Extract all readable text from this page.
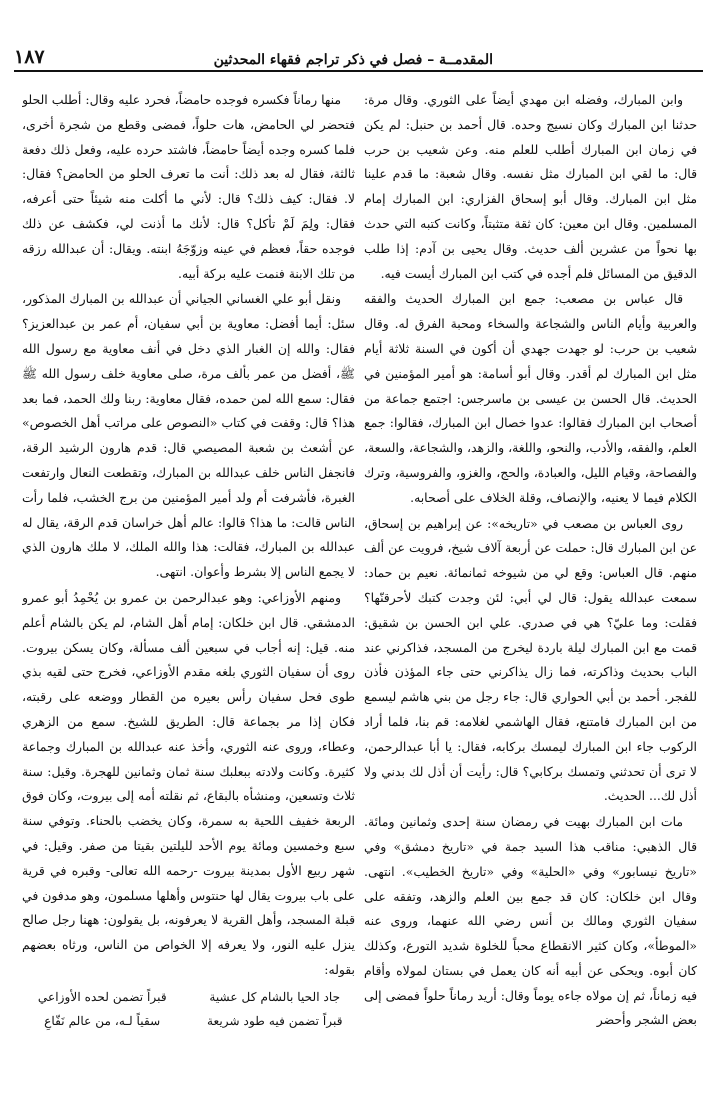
المقدمــة – فصل في ذكر تراجم فقهاء المحدثين
١٨٧

وابن المبارك، وفضله ابن مهدي أيضاً على الثوري. وقال مرة: حدثنا ابن المبارك وكان نسيج وحده. قال أحمد بن حنبل: لم يكن في زمان ابن المبارك أطلب للعلم منه. وعن شعيب بن حرب قال: ما لقي ابن المبارك مثل نفسه. وقال شعبة: ما قدم علينا مثل ابن المبارك. وقال أبو إسحاق الفزاري: ابن المبارك إمام المسلمين. وقال ابن معين: كان ثقة متثبتاً، وكانت كتبه التي حدث بها نحواً من عشرين ألف حديث. وقال يحيى بن آدم: إذا طلب الدقيق من المسائل فلم أجده في كتب ابن المبارك أيست فيه.

قال عباس بن مصعب: جمع ابن المبارك الحديث والفقه والعربية وأيام الناس والشجاعة والسخاء ومحبة الفرق له. وقال شعيب بن حرب: لو جهدت جهدي أن أكون في السنة ثلاثة أيام مثل ابن المبارك لم أقدر. وقال أبو أسامة: هو أمير المؤمنين في الحديث. قال الحسن بن عيسى بن ماسرجس: اجتمع جماعة من أصحاب ابن المبارك فقالوا: عدوا خصال ابن المبارك، فقالوا: جمع العلم، والفقه، والأدب، والنحو، واللغة، والزهد، والشجاعة، والسعة، والفصاحة، وقيام الليل، والعبادة، والحج، والغزو، والفروسية، وترك الكلام فيما لا يعنيه، والإنصاف، وقلة الخلاف على أصحابه.

روى العباس بن مصعب في «تاريخه»: عن إبراهيم بن إسحاق، عن ابن المبارك قال: حملت عن أربعة آلاف شيخ، فرويت عن ألف منهم. قال العباس: وقع لي من شيوخه ثمانمائة. نعيم بن حماد: سمعت عبدالله يقول: قال لي أبي: لئن وجدت كتبك لأحرقنّها؟ فقلت: وما عليّ؟ هي في صدري. علي ابن الحسن بن شقيق: قمت مع ابن المبارك ليلة باردة ليخرج من المسجد، فذاكرني عند الباب بحديث وذاكرته، فما زال يذاكرني حتى جاء المؤذن فأذن للفجر. أحمد بن أبي الحواري قال: جاء رجل من بني هاشم ليسمع من ابن المبارك فامتنع، فقال الهاشمي لغلامه: قم بنا، فلما أراد الركوب جاء ابن المبارك ليمسك بركابه، فقال: يا أبا عبدالرحمن، لا ترى أن تحدثني وتمسك بركابي؟ قال: رأيت أن أذل لك بدني ولا أذل لك... الحديث.

مات ابن المبارك بهيت في رمضان سنة إحدى وثمانين ومائة. قال الذهبي: مناقب هذا السيد جمة في «تاريخ دمشق» وفي «تاريخ نيسابور» وفي «الحلية» وفي «تاريخ الخطيب». انتهى. وقال ابن خلكان: كان قد جمع بين العلم والزهد، وتفقه على سفيان الثوري ومالك بن أنس رضي الله عنهما، وروى عنه «الموطأ»، وكان كثير الانقطاع محباً للخلوة شديد التورع، وكذلك كان أبوه. ويحكى عن أبيه أنه كان يعمل في بستان لمولاه وأقام فيه زماناً، ثم إن مولاه جاءه يوماً وقال: أريد رماناً حلواً فمضى إلى بعض الشجر وأحضر

منها رماناً فكسره فوجده حامضاً، فحرد عليه وقال: أطلب الحلو فتحضر لي الحامض، هات حلواً، فمضى وقطع من شجرة أخرى، فلما كسره وجده أيضاً حامضاً، فاشتد حرده عليه، وفعل ذلك دفعة ثالثة، فقال له بعد ذلك: أنت ما تعرف الحلو من الحامض؟ فقال: لا. فقال: كيف ذلك؟ قال: لأني ما أكلت منه شيئاً حتى أعرفه، فقال: ولِمَ لَمْ تأكل؟ قال: لأنك ما أذنت لي، فكشف عن ذلك فوجده حقاً، فعظم في عينه وزوّجَهُ ابنته. ويقال: أن عبدالله رزقه من تلك الابنة فنمت عليه بركة أبيه.

ونقل أبو علي الغساني الجياني أن عبدالله بن المبارك المذكور، سئل: أيما أفضل: معاوية بن أبي سفيان، أم عمر بن عبدالعزيز؟ فقال: والله إن الغبار الذي دخل في أنف معاوية مع رسول الله ﷺ، أفضل من عمر بألف مرة، صلى معاوية خلف رسول الله ﷺ فقال: سمع الله لمن حمده، فقال معاوية: ربنا ولك الحمد، فما بعد هذا؟ قال: وقفت في كتاب «النصوص على مراتب أهل الخصوص» عن أشعث بن شعبة المصيصي قال: قدم هارون الرشيد الرقة، فانجفل الناس خلف عبدالله بن المبارك، وتقطعت النعال وارتفعت الغبرة، فأشرفت أم ولد أمير المؤمنين من برج الخشب، فلما رأت الناس قالت: ما هذا؟ قالوا: عالم أهل خراسان قدم الرقة، يقال له عبدالله بن المبارك، فقالت: هذا والله الملك، لا ملك هارون الذي لا يجمع الناس إلا بشرط وأعوان. انتهى.

ومنهم الأوزاعي: وهو عبدالرحمن بن عمرو بن يُحْمِدُ أبو عمرو الدمشقي. قال ابن خلكان: إمام أهل الشام، لم يكن بالشام أعلم منه. قيل: إنه أجاب في سبعين ألف مسألة، وكان يسكن بيروت. روى أن سفيان الثوري بلغه مقدم الأوزاعي، فخرج حتى لقيه بذي طوى فحل سفيان رأس بعيره من القطار ووضعه على رقبته، فكان إذا مر بجماعة قال: الطريق للشيخ. سمع من الزهري وعطاء، وروى عنه الثوري، وأخذ عنه عبدالله بن المبارك وجماعة كثيرة. وكانت ولادته ببعلبك سنة ثمان وثمانين للهجرة. وقيل: سنة ثلاث وتسعين، ومنشأه بالبقاع، ثم نقلته أمه إلى بيروت، وكان فوق الربعة خفيف اللحية به سمرة، وكان يخضب بالحناء. وتوفي سنة سبع وخمسين ومائة يوم الأحد لليلتين بقيتا من صفر. وقيل: في شهر ربيع الأول بمدينة بيروت -رحمه الله تعالى- وقبره في قرية على باب بيروت يقال لها حنتوس وأهلها مسلمون، وهو مدفون في قبلة المسجد، وأهل القرية لا يعرفونه، بل يقولون: ههنا رجل صالح ينزل عليه النور، ولا يعرفه إلا الخواص من الناس، ورثاه بعضهم بقوله:

جاد الحيا بالشام كل عشية
قبراً تضمن لحده الأوزاعي
قبراً تضمن فيه طود شريعة
سقياً لـه، من عالم نَفّاعِ
